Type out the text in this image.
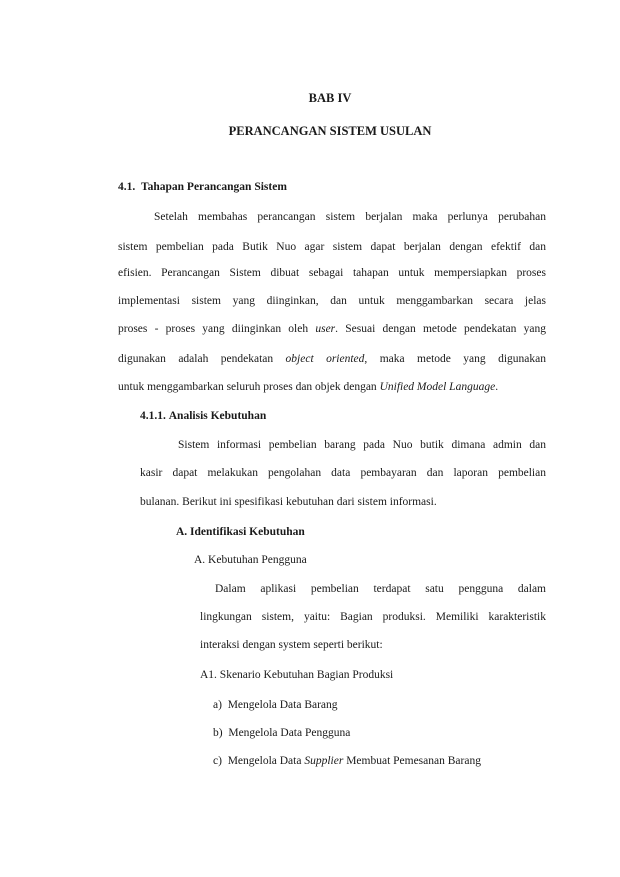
BAB IV
PERANCANGAN SISTEM USULAN
4.1. Tahapan Perancangan Sistem
Setelah membahas perancangan sistem berjalan maka perlunya perubahan
sistem pembelian pada Butik Nuo agar sistem dapat berjalan dengan efektif dan
efisien. Perancangan Sistem dibuat sebagai tahapan untuk mempersiapkan proses
implementasi sistem yang diinginkan, dan untuk menggambarkan secara jelas
proses - proses yang diinginkan oleh user. Sesuai dengan metode pendekatan yang
digunakan adalah pendekatan object oriented, maka metode yang digunakan
untuk menggambarkan seluruh proses dan objek dengan Unified Model Language.
4.1.1. Analisis Kebutuhan
Sistem informasi pembelian barang pada Nuo butik dimana admin dan
kasir dapat melakukan pengolahan data pembayaran dan laporan pembelian
bulanan. Berikut ini spesifikasi kebutuhan dari sistem informasi.
A. Identifikasi Kebutuhan
A. Kebutuhan Pengguna
Dalam aplikasi pembelian terdapat satu pengguna dalam
lingkungan sistem, yaitu: Bagian produksi. Memiliki karakteristik
interaksi dengan system seperti berikut:
A1. Skenario Kebutuhan Bagian Produksi
a) Mengelola Data Barang
b) Mengelola Data Pengguna
c) Mengelola Data Supplier Membuat Pemesanan Barang
